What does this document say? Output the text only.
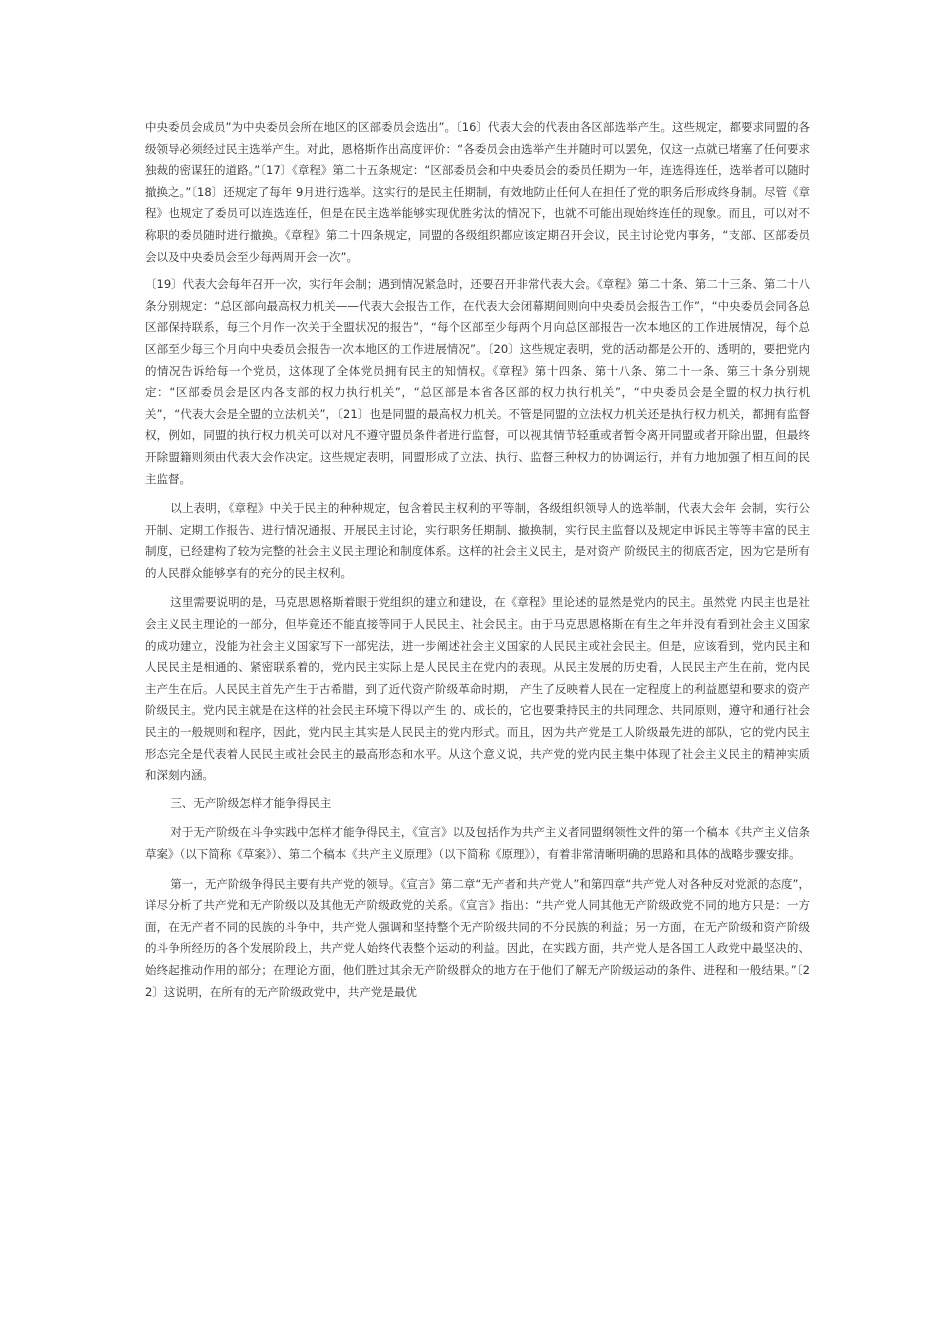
中央委员会成员”为中央委员会所在地区的区部委员会选出”。〔16〕代表大会的代表由各区部选举产生。这些规定，都要求同盟的各级领导必须经过民主选举产生。对此，恩格斯作出高度评价：“各委员会由选举产生并随时可以罢免，仅这一点就已堵塞了任何要求独裁的密谋狂的道路。”〔17〕《章程》第二十五条规定：“区部委员会和中央委员会的委员任期为一年，连选得连任，选举者可以随时撤换之。”〔18〕还规定了每年 9月进行选举。这实行的是民主任期制，有效地防止任何人在担任了党的职务后形成终身制。尽管《章程》也规定了委员可以连选连任，但是在民主选举能够实现优胜劣汰的情况下，也就不可能出现始终连任的现象。而且，可以对不称职的委员随时进行撤换。《章程》第二十四条规定，同盟的各级组织都应该定期召开会议，民主讨论党内事务，“支部、区部委员会以及中央委员会至少每两周开会一次”。

〔19〕代表大会每年召开一次，实行年会制；遇到情况紧急时，还要召开非常代表大会。《章程》第二十条、第二十三条、第二十八条分别规定：“总区部向最高权力机关——代表大会报告工作，在代表大会闭幕期间则向中央委员会报告工作”，“中央委员会同各总区部保持联系，每三个月作一次关于全盟状况的报告”，“每个区部至少每两个月向总区部报告一次本地区的工作进展情况，每个总区部至少每三个月向中央委员会报告一次本地区的工作进展情况”。〔20〕这些规定表明，党的活动都是公开的、透明的，要把党内的情况告诉给每一个党员，这体现了全体党员拥有民主的知情权。《章程》第十四条、第十八条、第二十一条、第三十条分别规定：“区部委员会是区内各支部的权力执行机关”，“总区部是本省各区部的权力执行机关”，“中央委员会是全盟的权力执行机关”，“代表大会是全盟的立法机关”，〔21〕也是同盟的最高权力机关。不管是同盟的立法权力机关还是执行权力机关，都拥有监督权，例如，同盟的执行权力机关可以对凡不遵守盟员条件者进行监督，可以视其情节轻重或者暂令离开同盟或者开除出盟，但最终开除盟籍则须由代表大会作决定。这些规定表明，同盟形成了立法、执行、监督三种权力的协调运行，并有力地加强了相互间的民主监督。

以上表明，《章程》中关于民主的种种规定，包含着民主权利的平等制，各级组织领导人的选举制，代表大会年 会制，实行公开制、定期工作报告、进行情况通报、开展民主讨论，实行职务任期制、撤换制，实行民主监督以及规定申诉民主等等丰富的民主制度，已经建构了较为完整的社会主义民主理论和制度体系。这样的社会主义民主，是对资产 阶级民主的彻底否定，因为它是所有的人民群众能够享有的充分的民主权利。

这里需要说明的是，马克思恩格斯着眼于党组织的建立和建设，在《章程》里论述的显然是党内的民主。虽然党 内民主也是社会主义民主理论的一部分，但毕竟还不能直接等同于人民民主、社会民主。由于马克思恩格斯在有生之年并没有看到社会主义国家的成功建立，没能为社会主义国家写下一部宪法，进一步阐述社会主义国家的人民民主或社会民主。但是，应该看到，党内民主和人民民主是相通的、紧密联系着的，党内民主实际上是人民民主在党内的表现。从民主发展的历史看，人民民主产生在前，党内民主产生在后。人民民主首先产生于古希腊，到了近代资产阶级革命时期， 产生了反映着人民在一定程度上的利益愿望和要求的资产阶级民主。党内民主就是在这样的社会民主环境下得以产生 的、成长的，它也要秉持民主的共同理念、共同原则，遵守和通行社会民主的一般规则和程序，因此，党内民主其实是人民民主的党内形式。而且，因为共产党是工人阶级最先进的部队，它的党内民主形态完全是代表着人民民主或社会民主的最高形态和水平。从这个意义说，共产党的党内民主集中体现了社会主义民主的精神实质和深刻内涵。

三、无产阶级怎样才能争得民主

对于无产阶级在斗争实践中怎样才能争得民主，《宣言》以及包括作为共产主义者同盟纲领性文件的第一个稿本《共产主义信条草案》（以下简称《草案》）、第二个稿本《共产主义原理》（以下简称《原理》），有着非常清晰明确的思路和具体的战略步骤安排。

第一，无产阶级争得民主要有共产党的领导。《宣言》第二章“无产者和共产党人”和第四章“共产党人对各种反对党派的态度”，详尽分析了共产党和无产阶级以及其他无产阶级政党的关系。《宣言》指出：“共产党人同其他无产阶级政党不同的地方只是：一方面，在无产者不同的民族的斗争中，共产党人强调和坚持整个无产阶级共同的不分民族的利益；另一方面，在无产阶级和资产阶级的斗争所经历的各个发展阶段上，共产党人始终代表整个运动的利益。因此，在实践方面，共产党人是各国工人政党中最坚决的、始终起推动作用的部分；在理论方面，他们胜过其余无产阶级群众的地方在于他们了解无产阶级运动的条件、进程和一般结果。”〔22〕这说明，在所有的无产阶级政党中，共产党是最优
